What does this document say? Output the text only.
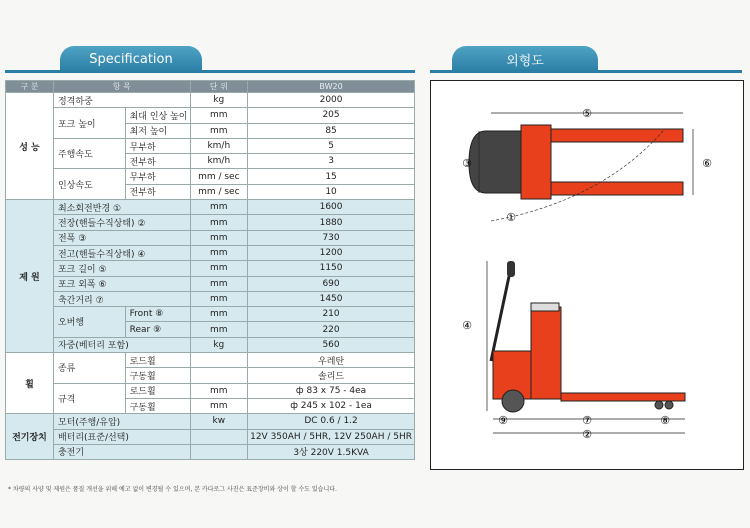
Specification	외형도
구 분	항 목		단 위	BW20
성 능	정격하중		kg	2000
	포크 높이	최대 인상 높이	mm	205
		최저 높이	mm	85
	주행속도	무부하	km/h	5
		전부하	km/h	3
	인상속도	무부하	mm / sec	15
		전부하	mm / sec	10
제 원	최소회전반경 ①		mm	1600
	전장(핸들수직상태) ②		mm	1880
	전폭 ③		mm	730
	전고(핸들수직상태) ④		mm	1200
	포크 길이 ⑤		mm	1150
	포크 외폭 ⑥		mm	690
	축간거리 ⑦		mm	1450
	오버행	Front ⑧	mm	210
		Rear ⑨	mm	220
	자중(베터리 포함)		kg	560
휠	종류	로드휠		우레탄
		구동휠		솔리드
	규격	로드휠	mm	ф 83 x 75 - 4ea
		구동휠	mm	ф 245 x 102 - 1ea
전기장치	모터(주행/유압)		kw	DC 0.6 / 1.2
	배터리(표준/선택)			12V 350AH / 5HR, 12V 250AH / 5HR
	충전기			3상 220V 1.5KVA
* 차량의 사양 및 제원은 품질 개선을 위해 예고 없이 변경될 수 있으며, 본 카다로그 사진은 표준장비와 상이 할 수도 있습니다.
⑤
③	⑥
①
④
⑨	⑦	⑧
②
